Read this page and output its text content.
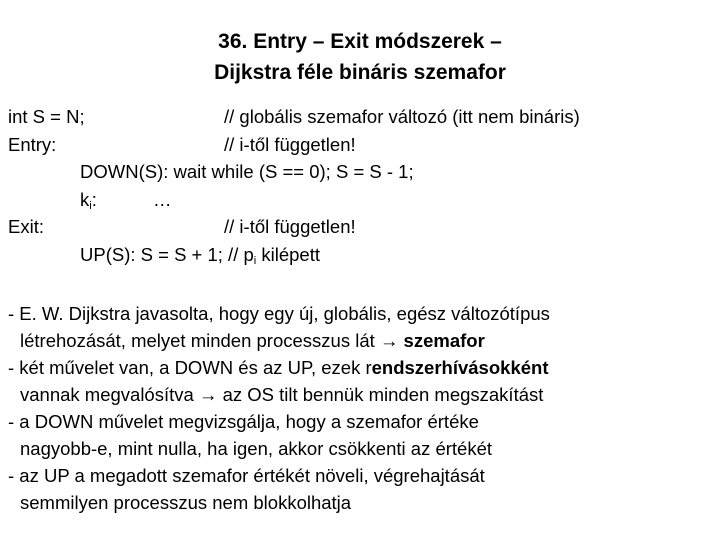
36. Entry – Exit módszerek –
Dijkstra féle bináris szemafor
int S = N;	// globális szemafor változó (itt nem bináris)
Entry:	// i-től független!
DOWN(S): wait while (S == 0); S = S - 1;
$k_i$:	…
Exit:	// i-től független!
UP(S): S = S + 1; // $p_i$ kilépett
- E. W. Dijkstra javasolta, hogy egy új, globális, egész változótípus
létrehozását, melyet minden processzus lát → szemafor
- két művelet van, a DOWN és az UP, ezek rendszerhívásokként
vannak megvalósítva → az OS tilt bennük minden megszakítást
- a DOWN művelet megvizsgálja, hogy a szemafor értéke
nagyobb-e, mint nulla, ha igen, akkor csökkenti az értékét
- az UP a megadott szemafor értékét növeli, végrehajtását
semmilyen processzus nem blokkolhatja
